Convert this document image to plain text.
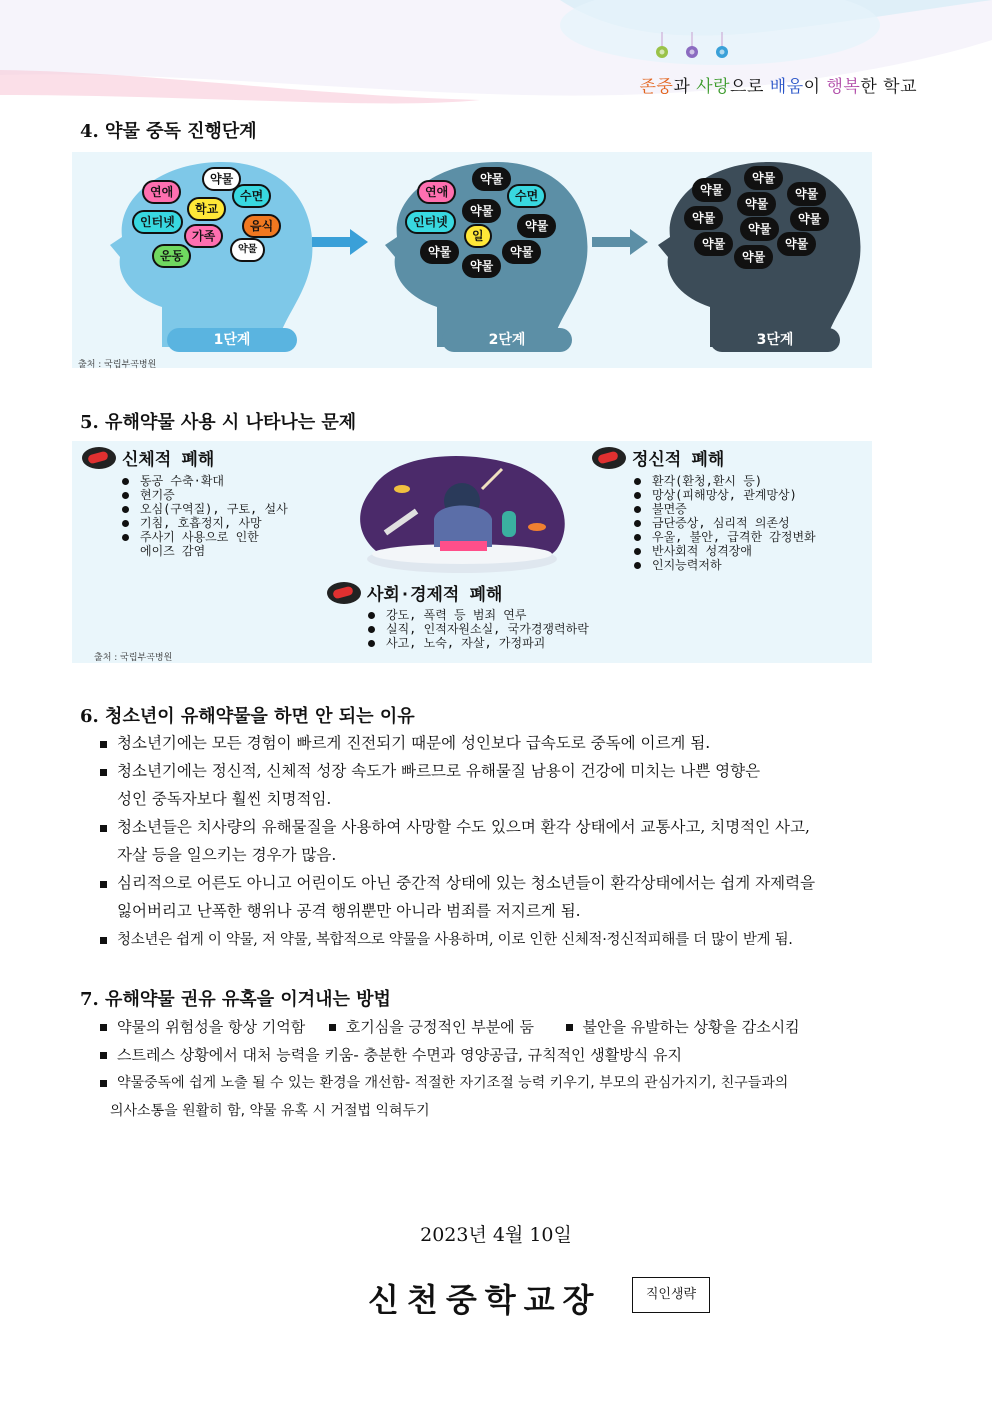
존중과 사랑으로 배움이 행복한 학교
4. 약물 중독 진행단계
약물
연애	수면
학교
인터넷	음식
가족
운동	약물
약물
연애	수면
약물
인터넷	약물
일
약물	약물
약물
약물
약물	약물
약물
약물	약물
약물
약물	약물
약물
1단계	2단계	3단계
출처 : 국립부곡병원
5. 유해약물 사용 시 나타나는 문제
신체적 폐해
동공 수축·확대
현기증
오심(구역질), 구토, 설사
기침, 호흡정지, 사망
주사기 사용으로 인한
에이즈 감염
정신적 폐해
환각(환청,환시 등)
망상(피해망상, 관계망상)
불면증
금단증상, 심리적 의존성
우울, 불안, 급격한 감정변화
반사회적 성격장애
인지능력저하
사회·경제적 폐해
강도, 폭력 등 범죄 연루
실직, 인적자원소실, 국가경쟁력하락
사고, 노숙, 자살, 가정파괴
출처 : 국립부곡병원
6. 청소년이 유해약물을 하면 안 되는 이유
청소년기에는 모든 경험이 빠르게 진전되기 때문에 성인보다 급속도로 중독에 이르게 됨.
청소년기에는 정신적, 신체적 성장 속도가 빠르므로 유해물질 남용이 건강에 미치는 나쁜 영향은
성인 중독자보다 훨씬 치명적임.
청소년들은 치사량의 유해물질을 사용하여 사망할 수도 있으며 환각 상태에서 교통사고, 치명적인 사고,
자살 등을 일으키는 경우가 많음.
심리적으로 어른도 아니고 어린이도 아닌 중간적 상태에 있는 청소년들이 환각상태에서는 쉽게 자제력을
잃어버리고 난폭한 행위나 공격 행위뿐만 아니라 범죄를 저지르게 됨.
청소년은 쉽게 이 약물, 저 약물, 복합적으로 약물을 사용하며, 이로 인한 신체적·정신적피해를 더 많이 받게 됨.
7. 유해약물 권유 유혹을 이겨내는 방법
약물의 위험성을 항상 기억함	호기심을 긍정적인 부분에 둠	불안을 유발하는 상황을 감소시킴
스트레스 상황에서 대처 능력을 키움- 충분한 수면과 영양공급, 규칙적인 생활방식 유지
약물중독에 쉽게 노출 될 수 있는 환경을 개선함- 적절한 자기조절 능력 키우기, 부모의 관심가지기, 친구들과의
의사소통을 원활히 함, 약물 유혹 시 거절법 익혀두기
2023년 4월 10일
신천중학교장	직인생략
